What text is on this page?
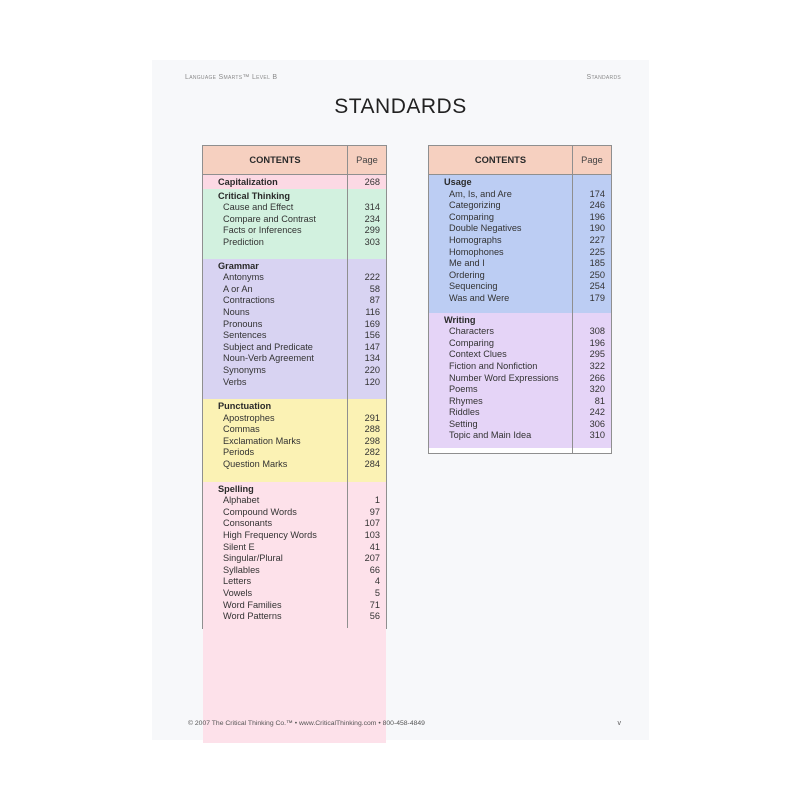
Language Smarts™ Level B	Standards
STANDARDS
CONTENTS	Page
Capitalization	268
Critical Thinking
Cause and Effect	314
Compare and Contrast	234
Facts or Inferences	299
Prediction	303
Grammar
Antonyms	222
A or An	58
Contractions	87
Nouns	116
Pronouns	169
Sentences	156
Subject and Predicate	147
Noun-Verb Agreement	134
Synonyms	220
Verbs	120
Punctuation
Apostrophes	291
Commas	288
Exclamation Marks	298
Periods	282
Question Marks	284
Spelling
Alphabet	1
Compound Words	97
Consonants	107
High Frequency Words	103
Silent E	41
Singular/Plural	207
Syllables	66
Letters	4
Vowels	5
Word Families	71
Word Patterns	56
CONTENTS	Page
Usage
Am, Is, and Are	174
Categorizing	246
Comparing	196
Double Negatives	190
Homographs	227
Homophones	225
Me and I	185
Ordering	250
Sequencing	254
Was and Were	179
Writing
Characters	308
Comparing	196
Context Clues	295
Fiction and Nonfiction	322
Number Word Expressions	266
Poems	320
Rhymes	81
Riddles	242
Setting	306
Topic and Main Idea	310
© 2007 The Critical Thinking Co.™ • www.CriticalThinking.com • 800-458-4849	v
